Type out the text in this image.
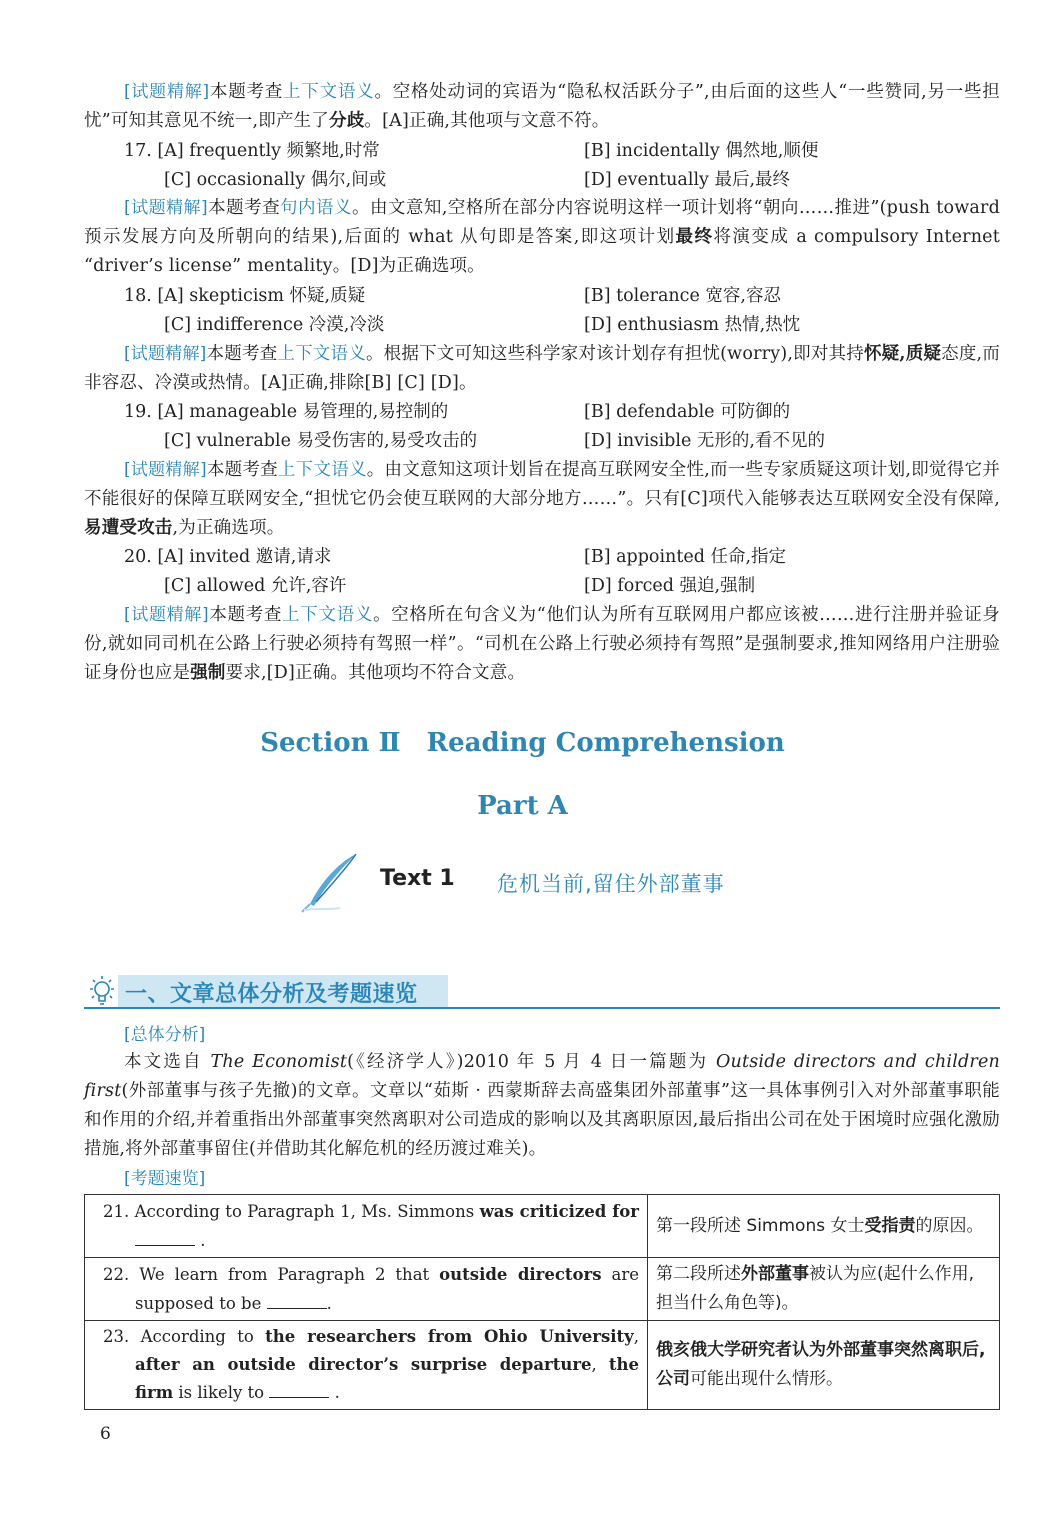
[试题精解]本题考查上下文语义。空格处动词的宾语为“隐私权活跃分子”,由后面的这些人“一些赞同,另一些担忧”可知其意见不统一,即产生了分歧。[A]正确,其他项与文意不符。
17. [A] frequently 频繁地,时常	[B] incidentally 偶然地,顺便
[C] occasionally 偶尔,间或	[D] eventually 最后,最终
[试题精解]本题考查句内语义。由文意知,空格所在部分内容说明这样一项计划将“朝向……推进”(push toward 预示发展方向及所朝向的结果),后面的 what 从句即是答案,即这项计划最终将演变成 a compulsory Internet “driver’s license” mentality。[D]为正确选项。
18. [A] skepticism 怀疑,质疑	[B] tolerance 宽容,容忍
[C] indifference 冷漠,冷淡	[D] enthusiasm 热情,热忱
[试题精解]本题考查上下文语义。根据下文可知这些科学家对该计划存有担忧(worry),即对其持怀疑,质疑态度,而非容忍、冷漠或热情。[A]正确,排除[B] [C] [D]。
19. [A] manageable 易管理的,易控制的	[B] defendable 可防御的
[C] vulnerable 易受伤害的,易受攻击的	[D] invisible 无形的,看不见的
[试题精解]本题考查上下文语义。由文意知这项计划旨在提高互联网安全性,而一些专家质疑这项计划,即觉得它并不能很好的保障互联网安全,“担忧它仍会使互联网的大部分地方……”。只有[C]项代入能够表达互联网安全没有保障,易遭受攻击,为正确选项。
20. [A] invited 邀请,请求	[B] appointed 任命,指定
[C] allowed 允许,容许	[D] forced 强迫,强制
[试题精解]本题考查上下文语义。空格所在句含义为“他们认为所有互联网用户都应该被……进行注册并验证身份,就如同司机在公路上行驶必须持有驾照一样”。“司机在公路上行驶必须持有驾照”是强制要求,推知网络用户注册验证身份也应是强制要求,[D]正确。其他项均不符合文意。
Section Ⅱ　Reading Comprehension
Part A
Text 1 危机当前,留住外部董事
一、文章总体分析及考题速览
[总体分析]
本文选自 The Economist(《经济学人》)2010 年 5 月 4 日一篇题为 Outside directors and children first(外部董事与孩子先撤)的文章。文章以“茹斯 · 西蒙斯辞去高盛集团外部董事”这一具体事例引入对外部董事职能和作用的介绍,并着重指出外部董事突然离职对公司造成的影响以及其离职原因,最后指出公司在处于困境时应强化激励措施,将外部董事留住(并借助其化解危机的经历渡过难关)。
[考题速览]
21. According to Paragraph 1, Ms. Simmons was criticized for  .	第一段所述 Simmons 女士受指责的原因。

22. We learn from Paragraph 2 that outside directors are supposed to be .	第二段所述外部董事被认为应(起什么作用,担当什么角色等)。

23. According to the researchers from Ohio University, after an outside director’s surprise departure, the firm is likely to .	俄亥俄大学研究者认为外部董事突然离职后,公司可能出现什么情形。
6
